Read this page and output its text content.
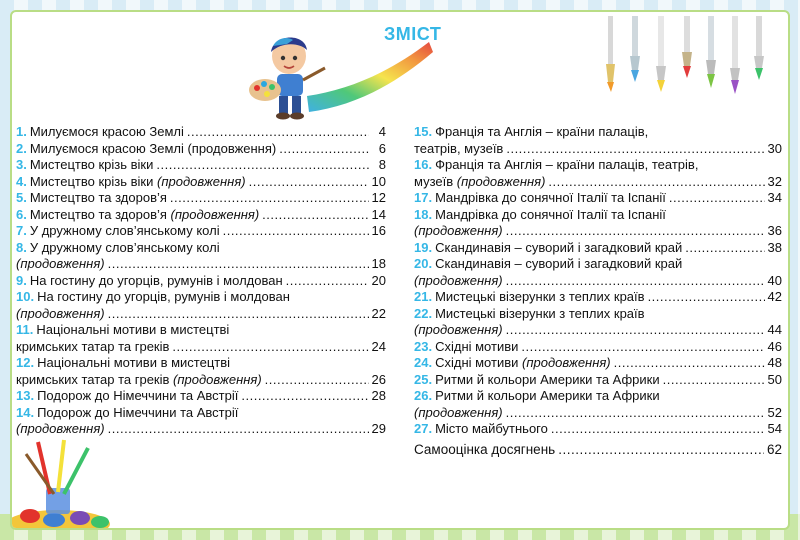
ЗМІСТ
1. Милуємося красою Землі .....	4
2. Милуємося красою Землі (продовження) .....	6
3. Мистецтво крізь віки .....	8
4. Мистецтво крізь віки
(продовження) .....	10
5. Мистецтво та здоров’я .....	12
6. Мистецтво та здоров’я
(продовження) .....	14
7. У дружному слов’янському колі .....	16
8. У дружному слов’янському колі
(продовження) .....	18
9. На гостину до угорців, румунів і молдован .....	20
10. На гостину до угорців, румунів і молдован
(продовження) .....	22
11. Національні мотиви в мистецтві
кримських татар та греків .....	24
12. Національні мотиви в мистецтві
кримських татар та греків
(продовження) .....	26
13. Подорож до Німеччини та Австрії .....	28
14. Подорож до Німеччини та Австрії
(продовження) .....	29
15. Франція та Англія – країни палаців,
театрів, музеїв .....	30
16. Франція та Англія – країни палаців, театрів,
музеїв
(продовження) .....	32
17. Мандрівка до сонячної Італії та Іспанії .....	34
18. Мандрівка до сонячної Італії та Іспанії
(продовження) .....	36
19. Скандинавія – суворий і загадковий край .....	38
20. Скандинавія – суворий і загадковий край
(продовження) .....	40
21. Мистецькі візерунки з теплих країв .....	42
22. Мистецькі візерунки з теплих країв
(продовження) .....	44
23. Східні мотиви .....	46
24. Східні мотиви
(продовження) .....	48
25. Ритми й кольори Америки та Африки .....	50
26. Ритми й кольори Америки та Африки
(продовження) .....	52
27. Місто майбутнього .....	54
Самооцінка досягнень .....	62
